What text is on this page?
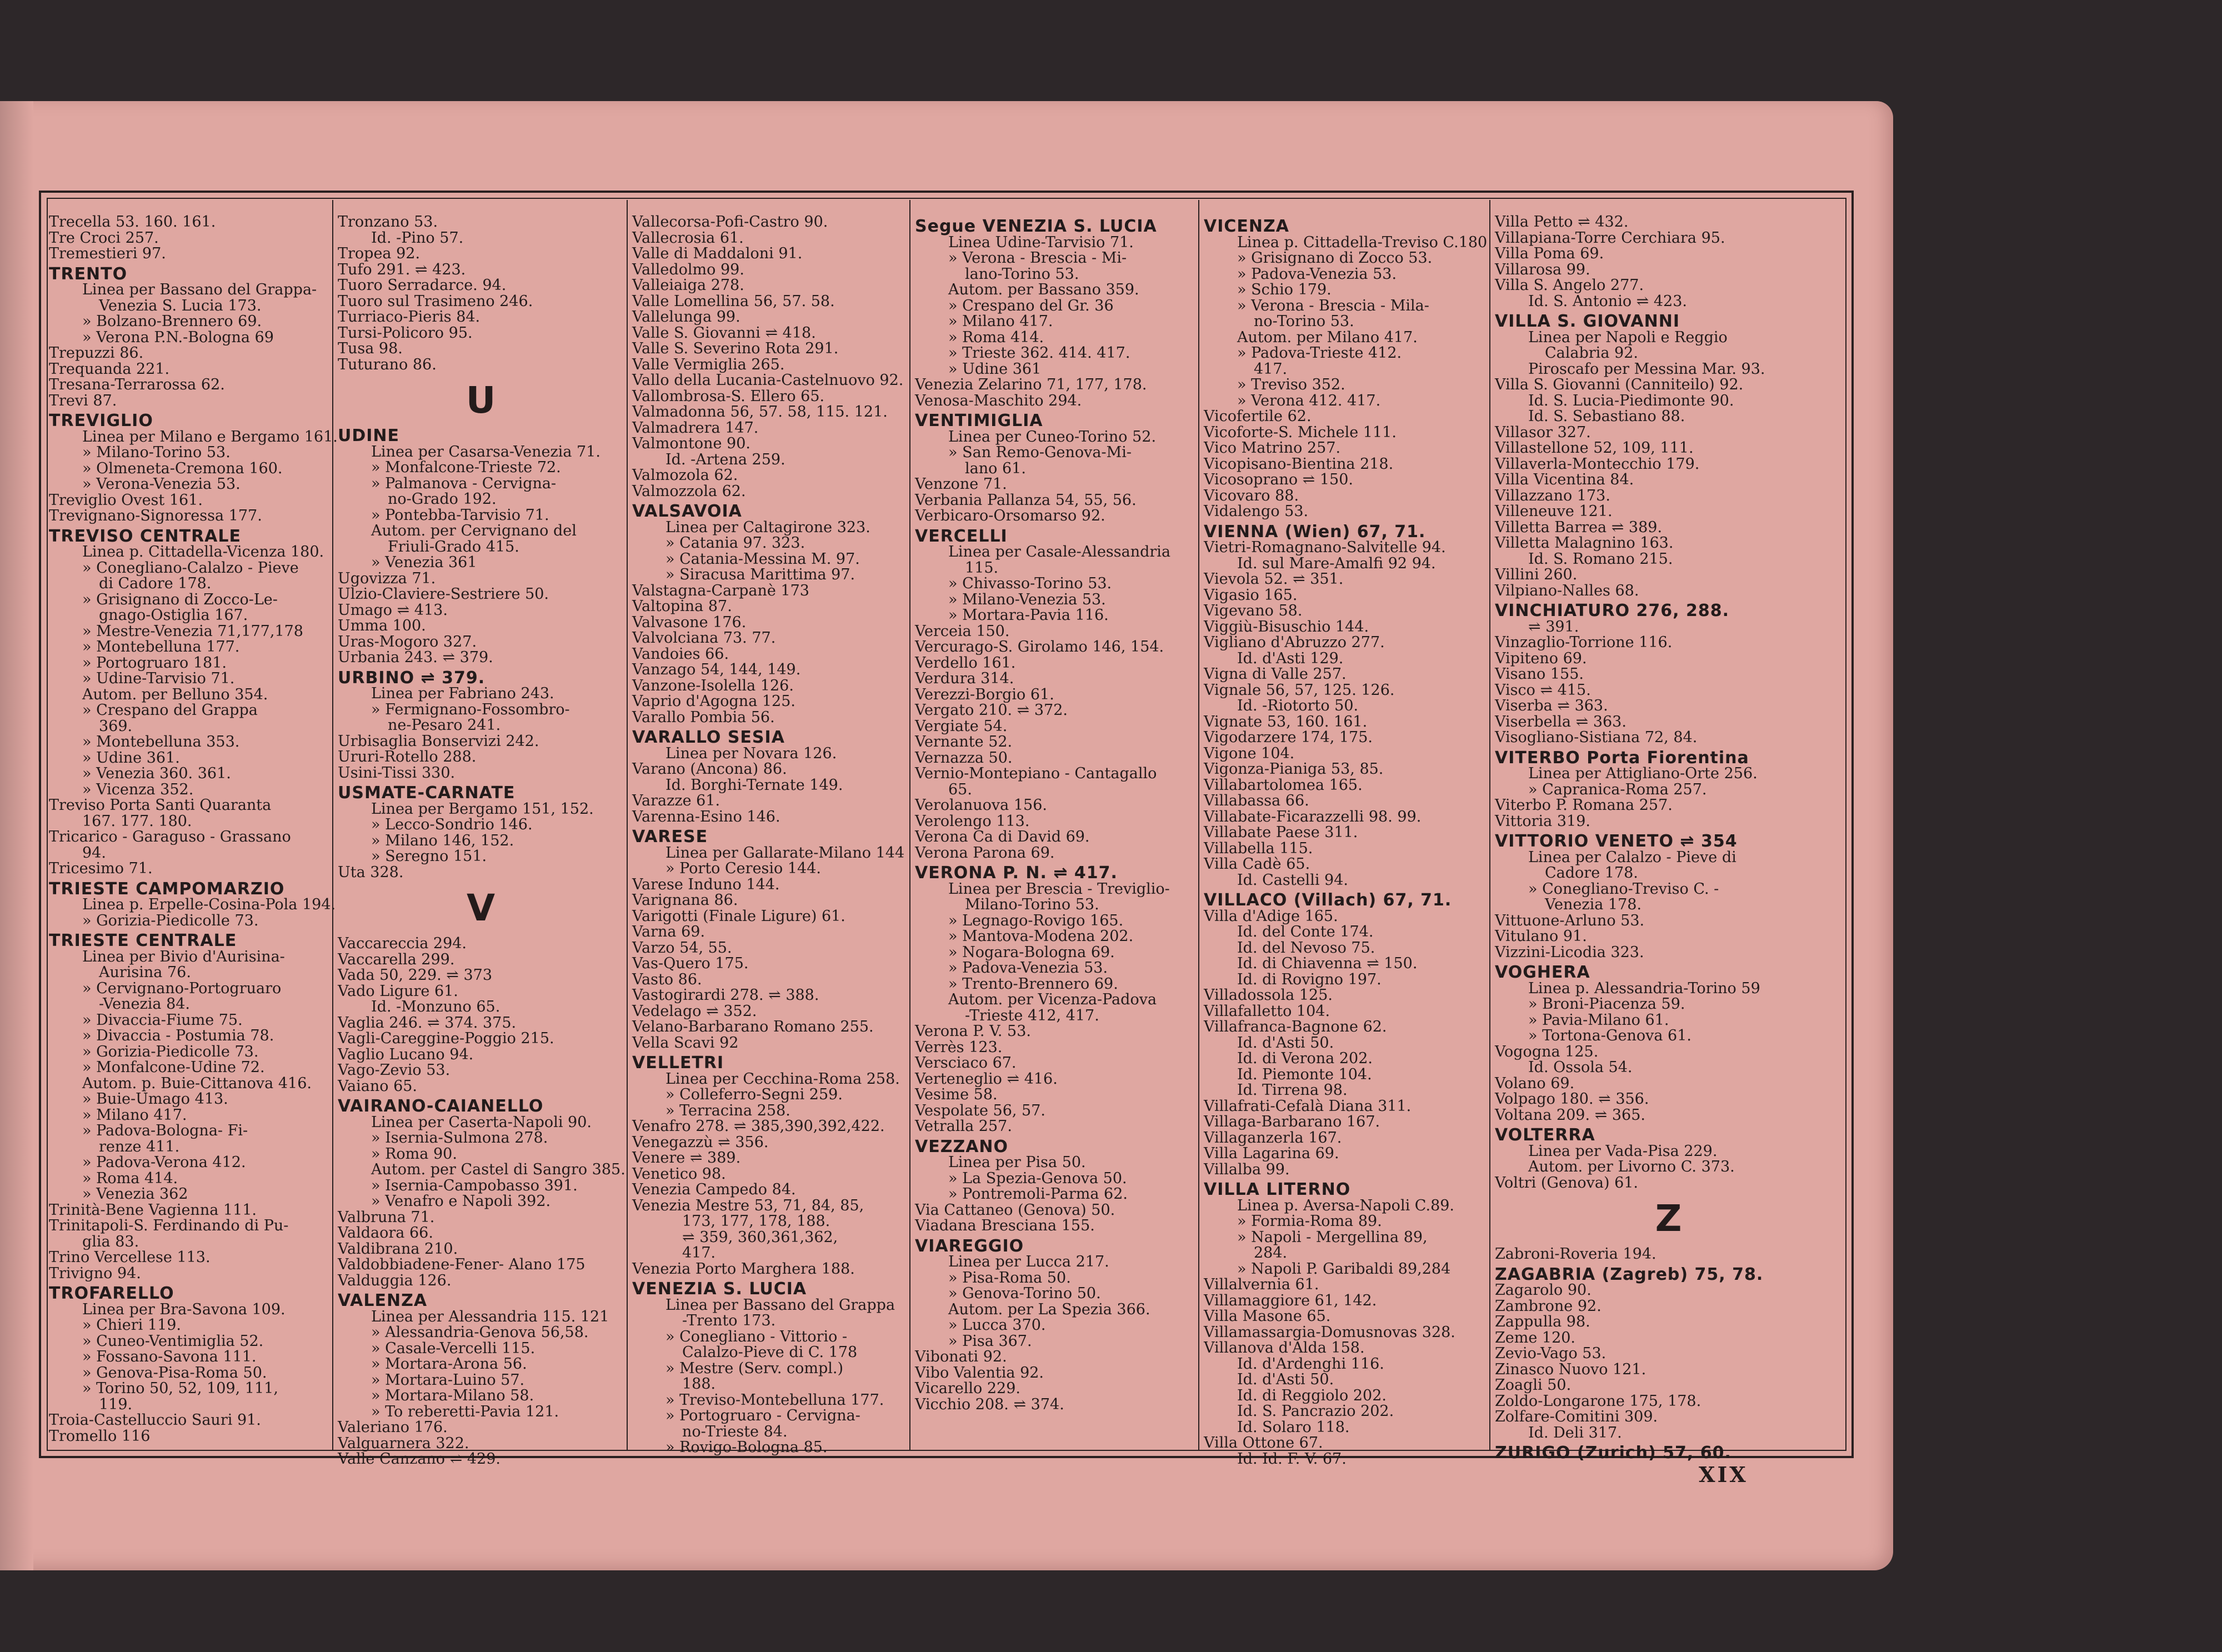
Trecella 53. 160. 161.
Tre Croci 257.
Tremestieri 97.
TRENTO
Linea per Bassano del Grappa-
Venezia S. Lucia 173.
» Bolzano-Brennero 69.
» Verona P.N.-Bologna 69
Trepuzzi 86.
Trequanda 221.
Tresana-Terrarossa 62.
Trevi 87.
TREVIGLIO
Linea per Milano e Bergamo 161.
» Milano-Torino 53.
» Olmeneta-Cremona 160.
» Verona-Venezia 53.
Treviglio Ovest 161.
Trevignano-Signoressa 177.
TREVISO CENTRALE
Linea p. Cittadella-Vicenza 180.
» Conegliano-Calalzo - Pieve
di Cadore 178.
» Grisignano di Zocco-Le-
gnago-Ostiglia 167.
» Mestre-Venezia 71,177,178
» Montebelluna 177.
» Portogruaro 181.
» Udine-Tarvisio 71.
Autom. per Belluno 354.
» Crespano del Grappa
369.
» Montebelluna 353.
» Udine 361.
» Venezia 360. 361.
» Vicenza 352.
Treviso Porta Santi Quaranta
167. 177. 180.
Tricarico - Garaguso - Grassano
94.
Tricesimo 71.
TRIESTE CAMPOMARZIO
Linea p. Erpelle-Cosina-Pola 194.
» Gorizia-Piedicolle 73.
TRIESTE CENTRALE
Linea per Bivio d'Aurisina-
Aurisina 76.
» Cervignano-Portogruaro
-Venezia 84.
» Divaccia-Fiume 75.
» Divaccia - Postumia 78.
» Gorizia-Piedicolle 73.
» Monfalcone-Udine 72.
Autom. p. Buie-Cittanova 416.
» Buie-Umago 413.
» Milano 417.
» Padova-Bologna- Fi-
renze 411.
» Padova-Verona 412.
» Roma 414.
» Venezia 362
Trinità-Bene Vagienna 111.
Trinitapoli-S. Ferdinando di Pu-
glia 83.
Trino Vercellese 113.
Trivigno 94.
TROFARELLO
Linea per Bra-Savona 109.
» Chieri 119.
» Cuneo-Ventimiglia 52.
» Fossano-Savona 111.
» Genova-Pisa-Roma 50.
» Torino 50, 52, 109, 111,
119.
Troia-Castelluccio Sauri 91.
Tromello 116
Tronzano 53.
Id. -Pino 57.
Tropea 92.
Tufo 291. ⇌ 423.
Tuoro Serradarce. 94.
Tuoro sul Trasimeno 246.
Turriaco-Pieris 84.
Tursi-Policoro 95.
Tusa 98.
Tuturano 86.
U
UDINE
Linea per Casarsa-Venezia 71.
» Monfalcone-Trieste 72.
» Palmanova - Cervigna-
no-Grado 192.
» Pontebba-Tarvisio 71.
Autom. per Cervignano del
Friuli-Grado 415.
» Venezia 361
Ugovizza 71.
Ulzio-Claviere-Sestriere 50.
Umago ⇌ 413.
Umma 100.
Uras-Mogoro 327.
Urbania 243. ⇌ 379.
URBINO ⇌ 379.
Linea per Fabriano 243.
» Fermignano-Fossombro-
ne-Pesaro 241.
Urbisaglia Bonservizi 242.
Ururi-Rotello 288.
Usini-Tissi 330.
USMATE-CARNATE
Linea per Bergamo 151, 152.
» Lecco-Sondrio 146.
» Milano 146, 152.
» Seregno 151.
Uta 328.
V
Vaccareccia 294.
Vaccarella 299.
Vada 50, 229. ⇌ 373
Vado Ligure 61.
Id. -Monzuno 65.
Vaglia 246. ⇌ 374. 375.
Vagli-Careggine-Poggio 215.
Vaglio Lucano 94.
Vago-Zevio 53.
Vaiano 65.
VAIRANO-CAIANELLO
Linea per Caserta-Napoli 90.
» Isernia-Sulmona 278.
» Roma 90.
Autom. per Castel di Sangro 385.
» Isernia-Campobasso 391.
» Venafro e Napoli 392.
Valbruna 71.
Valdaora 66.
Valdibrana 210.
Valdobbiadene-Fener- Alano 175
Valduggia 126.
VALENZA
Linea per Alessandria 115. 121
» Alessandria-Genova 56,58.
» Casale-Vercelli 115.
» Mortara-Arona 56.
» Mortara-Luino 57.
» Mortara-Milano 58.
» To reberetti-Pavia 121.
Valeriano 176.
Valguarnera 322.
Valle Canzano ⇌ 429.
Vallecorsa-Pofi-Castro 90.
Vallecrosia 61.
Valle di Maddaloni 91.
Valledolmo 99.
Valleiaiga 278.
Valle Lomellina 56, 57. 58.
Vallelunga 99.
Valle S. Giovanni ⇌ 418.
Valle S. Severino Rota 291.
Valle Vermiglia 265.
Vallo della Lucania-Castelnuovo 92.
Vallombrosa-S. Ellero 65.
Valmadonna 56, 57. 58, 115. 121.
Valmadrera 147.
Valmontone 90.
Id. -Artena 259.
Valmozola 62.
Valmozzola 62.
VALSAVOIA
Linea per Caltagirone 323.
» Catania 97. 323.
» Catania-Messina M. 97.
» Siracusa Marittima 97.
Valstagna-Carpanè 173
Valtopina 87.
Valvasone 176.
Valvolciana 73. 77.
Vandoies 66.
Vanzago 54, 144, 149.
Vanzone-Isolella 126.
Vaprio d'Agogna 125.
Varallo Pombia 56.
VARALLO SESIA
Linea per Novara 126.
Varano (Ancona) 86.
Id. Borghi-Ternate 149.
Varazze 61.
Varenna-Esino 146.
VARESE
Linea per Gallarate-Milano 144
» Porto Ceresio 144.
Varese Induno 144.
Varignana 86.
Varigotti (Finale Ligure) 61.
Varna 69.
Varzo 54, 55.
Vas-Quero 175.
Vasto 86.
Vastogirardi 278. ⇌ 388.
Vedelago ⇌ 352.
Velano-Barbarano Romano 255.
Vella Scavi 92
VELLETRI
Linea per Cecchina-Roma 258.
» Colleferro-Segni 259.
» Terracina 258.
Venafro 278. ⇌ 385,390,392,422.
Venegazzù ⇌ 356.
Venere ⇌ 389.
Venetico 98.
Venezia Campedo 84.
Venezia Mestre 53, 71, 84, 85,
173, 177, 178, 188.
⇌ 359, 360,361,362,
417.
Venezia Porto Marghera 188.
VENEZIA S. LUCIA
Linea per Bassano del Grappa
-Trento 173.
» Conegliano - Vittorio -
Calalzo-Pieve di C. 178
» Mestre (Serv. compl.)
188.
» Treviso-Montebelluna 177.
» Portogruaro - Cervigna-
no-Trieste 84.
» Rovigo-Bologna 85.
Segue VENEZIA S. LUCIA
Linea Udine-Tarvisio 71.
» Verona - Brescia - Mi-
lano-Torino 53.
Autom. per Bassano 359.
» Crespano del Gr. 36
» Milano 417.
» Roma 414.
» Trieste 362. 414. 417.
» Udine 361
Venezia Zelarino 71, 177, 178.
Venosa-Maschito 294.
VENTIMIGLIA
Linea per Cuneo-Torino 52.
» San Remo-Genova-Mi-
lano 61.
Venzone 71.
Verbania Pallanza 54, 55, 56.
Verbicaro-Orsomarso 92.
VERCELLI
Linea per Casale-Alessandria
115.
» Chivasso-Torino 53.
» Milano-Venezia 53.
» Mortara-Pavia 116.
Verceia 150.
Vercurago-S. Girolamo 146, 154.
Verdello 161.
Verdura 314.
Verezzi-Borgio 61.
Vergato 210. ⇌ 372.
Vergiate 54.
Vernante 52.
Vernazza 50.
Vernio-Montepiano - Cantagallo
65.
Verolanuova 156.
Verolengo 113.
Verona Ca di David 69.
Verona Parona 69.
VERONA P. N. ⇌ 417.
Linea per Brescia - Treviglio-
Milano-Torino 53.
» Legnago-Rovigo 165.
» Mantova-Modena 202.
» Nogara-Bologna 69.
» Padova-Venezia 53.
» Trento-Brennero 69.
Autom. per Vicenza-Padova
-Trieste 412, 417.
Verona P. V. 53.
Verrès 123.
Versciaco 67.
Verteneglio ⇌ 416.
Vesime 58.
Vespolate 56, 57.
Vetralla 257.
VEZZANO
Linea per Pisa 50.
» La Spezia-Genova 50.
» Pontremoli-Parma 62.
Via Cattaneo (Genova) 50.
Viadana Bresciana 155.
VIAREGGIO
Linea per Lucca 217.
» Pisa-Roma 50.
» Genova-Torino 50.
Autom. per La Spezia 366.
» Lucca 370.
» Pisa 367.
Vibonati 92.
Vibo Valentia 92.
Vicarello 229.
Vicchio 208. ⇌ 374.
VICENZA
Linea p. Cittadella-Treviso C.180
» Grisignano di Zocco 53.
» Padova-Venezia 53.
» Schio 179.
» Verona - Brescia - Mila-
no-Torino 53.
Autom. per Milano 417.
» Padova-Trieste 412.
417.
» Treviso 352.
» Verona 412. 417.
Vicofertile 62.
Vicoforte-S. Michele 111.
Vico Matrino 257.
Vicopisano-Bientina 218.
Vicosoprano ⇌ 150.
Vicovaro 88.
Vidalengo 53.
VIENNA (Wien) 67, 71.
Vietri-Romagnano-Salvitelle 94.
Id. sul Mare-Amalfi 92 94.
Vievola 52. ⇌ 351.
Vigasio 165.
Vigevano 58.
Viggiù-Bisuschio 144.
Vigliano d'Abruzzo 277.
Id. d'Asti 129.
Vigna di Valle 257.
Vignale 56, 57, 125. 126.
Id. -Riotorto 50.
Vignate 53, 160. 161.
Vigodarzere 174, 175.
Vigone 104.
Vigonza-Pianiga 53, 85.
Villabartolomea 165.
Villabassa 66.
Villabate-Ficarazzelli 98. 99.
Villabate Paese 311.
Villabella 115.
Villa Cadè 65.
Id. Castelli 94.
VILLACO (Villach) 67, 71.
Villa d'Adige 165.
Id. del Conte 174.
Id. del Nevoso 75.
Id. di Chiavenna ⇌ 150.
Id. di Rovigno 197.
Villadossola 125.
Villafalletto 104.
Villafranca-Bagnone 62.
Id. d'Asti 50.
Id. di Verona 202.
Id. Piemonte 104.
Id. Tirrena 98.
Villafrati-Cefalà Diana 311.
Villaga-Barbarano 167.
Villaganzerla 167.
Villa Lagarina 69.
Villalba 99.
VILLA LITERNO
Linea p. Aversa-Napoli C.89.
» Formia-Roma 89.
» Napoli - Mergellina 89,
284.
» Napoli P. Garibaldi 89,284
Villalvernia 61.
Villamaggiore 61, 142.
Villa Masone 65.
Villamassargia-Domusnovas 328.
Villanova d'Alda 158.
Id. d'Ardenghi 116.
Id. d'Asti 50.
Id. di Reggiolo 202.
Id. S. Pancrazio 202.
Id. Solaro 118.
Villa Ottone 67.
Id. Id. F. V. 67.
Villa Petto ⇌ 432.
Villapiana-Torre Cerchiara 95.
Villa Poma 69.
Villarosa 99.
Villa S. Angelo 277.
Id. S. Antonio ⇌ 423.
VILLA S. GIOVANNI
Linea per Napoli e Reggio
Calabria 92.
Piroscafo per Messina Mar. 93.
Villa S. Giovanni (Canniteilo) 92.
Id. S. Lucia-Piedimonte 90.
Id. S. Sebastiano 88.
Villasor 327.
Villastellone 52, 109, 111.
Villaverla-Montecchio 179.
Villa Vicentina 84.
Villazzano 173.
Villeneuve 121.
Villetta Barrea ⇌ 389.
Villetta Malagnino 163.
Id. S. Romano 215.
Villini 260.
Vilpiano-Nalles 68.
VINCHIATURO 276, 288.
⇌ 391.
Vinzaglio-Torrione 116.
Vipiteno 69.
Visano 155.
Visco ⇌ 415.
Viserba ⇌ 363.
Viserbella ⇌ 363.
Visogliano-Sistiana 72, 84.
VITERBO Porta Fiorentina
Linea per Attigliano-Orte 256.
» Capranica-Roma 257.
Viterbo P. Romana 257.
Vittoria 319.
VITTORIO VENETO ⇌ 354
Linea per Calalzo - Pieve di
Cadore 178.
» Conegliano-Treviso C. -
Venezia 178.
Vittuone-Arluno 53.
Vitulano 91.
Vizzini-Licodia 323.
VOGHERA
Linea p. Alessandria-Torino 59
» Broni-Piacenza 59.
» Pavia-Milano 61.
» Tortona-Genova 61.
Vogogna 125.
Id. Ossola 54.
Volano 69.
Volpago 180. ⇌ 356.
Voltana 209. ⇌ 365.
VOLTERRA
Linea per Vada-Pisa 229.
Autom. per Livorno C. 373.
Voltri (Genova) 61.
Z
Zabroni-Roveria 194.
ZAGABRIA (Zagreb) 75, 78.
Zagarolo 90.
Zambrone 92.
Zappulla 98.
Zeme 120.
Zevio-Vago 53.
Zinasco Nuovo 121.
Zoagli 50.
Zoldo-Longarone 175, 178.
Zolfare-Comitini 309.
Id. Deli 317.
ZURIGO (Zurich) 57, 60.
XIX
